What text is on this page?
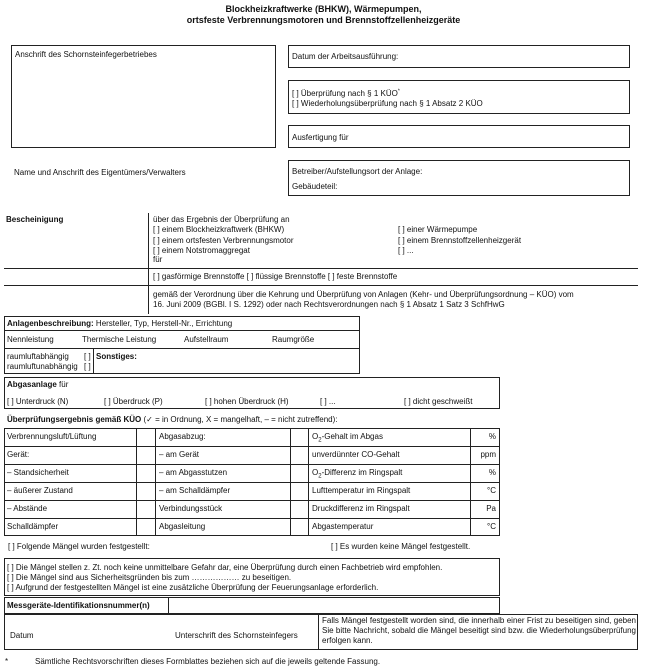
Blockheizkraftwerke (BHKW), Wärmepumpen,
ortsfeste Verbrennungsmotoren und Brennstoffzellenheizgeräte
Anschrift des Schornsteinfegerbetriebes	Datum der Arbeitsausführung:
[ ] Überprüfung nach § 1 KÜO*
[ ] Wiederholungsüberprüfung nach § 1 Absatz 2 KÜO
Ausfertigung für
Name und Anschrift des Eigentümers/Verwalters	Betreiber/Aufstellungsort der Anlage:
Gebäudeteil:
Bescheinigung	über das Ergebnis der Überprüfung an
[ ] einem Blockheizkraftwerk (BHKW)
[ ] einem ortsfesten Verbrennungsmotor
[ ] einem Notstromaggregat
für
[ ] einer Wärmepumpe
[ ] einem Brennstoffzellenheizgerät
[ ] ...
[ ] gasförmige Brennstoffe [ ] flüssige Brennstoffe [ ] feste Brennstoffe
gemäß der Verordnung über die Kehrung und Überprüfung von Anlagen (Kehr- und Überprüfungsordnung – KÜO) vom
16. Juni 2009 (BGBl. I S. 1292) oder nach Rechtsverordnungen nach § 1 Absatz 1 Satz 3 SchfHwG
Anlagenbeschreibung: Hersteller, Typ, Herstell-Nr., Errichtung
Nennleistung	Thermische Leistung	Aufstellraum	Raumgröße
raumluftabhängig [ ]
raumluftunabhängig [ ]
Sonstiges:
Abgasanlage für
[ ] Unterdruck (N)	[ ] Überdruck (P)	[ ] hohen Überdruck (H)	[ ] ...	[ ] dicht geschweißt
Überprüfungsergebnis gemäß KÜO (✓ = in Ordnung, X = mangelhaft, – = nicht zutreffend):
Verbrennungsluft/Lüftung	Abgasabzug:	$O_2$-Gehalt im Abgas	%
Gerät:	– am Gerät	unverdünnter CO-Gehalt	ppm
– Standsicherheit	– am Abgasstutzen	$O_2$-Differenz im Ringspalt	%
– äußerer Zustand	– am Schalldämpfer	Lufttemperatur im Ringspalt	°C
– Abstände	Verbindungsstück	Druckdifferenz im Ringspalt	Pa
Schalldämpfer	Abgasleitung	Abgastemperatur	°C
[ ] Folgende Mängel wurden festgestellt:	[ ] Es wurden keine Mängel festgestellt.
[ ] Die Mängel stellen z. Zt. noch keine unmittelbare Gefahr dar, eine Überprüfung durch einen Fachbetrieb wird empfohlen.
[ ] Die Mängel sind aus Sicherheitsgründen bis zum ……………… zu beseitigen.
[ ] Aufgrund der festgestellten Mängel ist eine zusätzliche Überprüfung der Feuerungsanlage erforderlich.
Messgeräte-Identifikationsnummer(n)
Datum	Unterschrift des Schornsteinfegers
Falls Mängel festgestellt worden sind, die innerhalb einer Frist zu beseitigen sind, geben Sie bitte Nachricht, sobald die Mängel beseitigt sind bzw. die Wiederholungsüberprüfung erfolgen kann.
*	Sämtliche Rechtsvorschriften dieses Formblattes beziehen sich auf die jeweils geltende Fassung.
